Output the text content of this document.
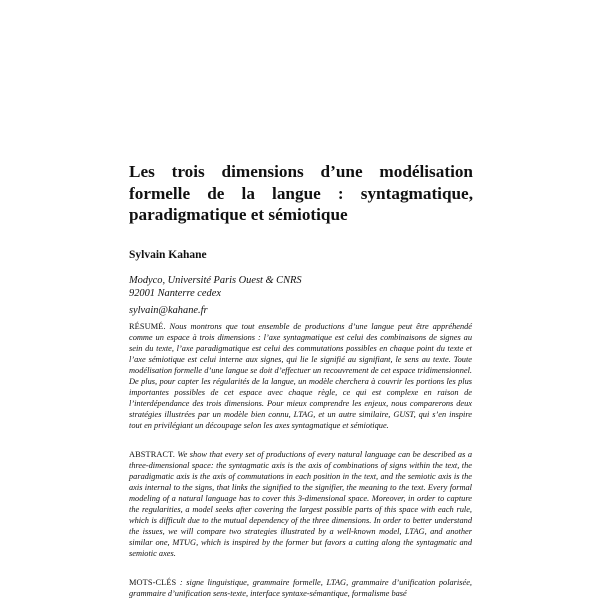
Les trois dimensions d’une modélisation formelle de la langue : syntagmatique, paradigmatique et sémiotique

Sylvain Kahane

Modyco, Université Paris Ouest & CNRS
92001 Nanterre cedex
sylvain@kahane.fr

RÉSUMÉ. Nous montrons que tout ensemble de productions d’une langue peut être appréhendé comme un espace à trois dimensions : l’axe syntagmatique est celui des combinaisons de signes au sein du texte, l’axe paradigmatique est celui des commutations possibles en chaque point du texte et l’axe sémiotique est celui interne aux signes, qui lie le signifié au signifiant, le sens au texte. Toute modélisation formelle d’une langue se doit d’effectuer un recouvrement de cet espace tridimensionnel. De plus, pour capter les régularités de la langue, un modèle cherchera à couvrir les portions les plus importantes possibles de cet espace avec chaque règle, ce qui est complexe en raison de l’interdépendance des trois dimensions. Pour mieux comprendre les enjeux, nous comparerons deux stratégies illustrées par un modèle bien connu, LTAG, et un autre similaire, GUST, qui s’en inspire tout en privilégiant un découpage selon les axes syntagmatique et sémiotique.

ABSTRACT. We show that every set of productions of every natural language can be described as a three-dimensional space: the syntagmatic axis is the axis of combinations of signs within the text, the paradigmatic axis is the axis of commutations in each position in the text, and the semiotic axis is the axis internal to the signs, that links the signified to the signifier, the meaning to the text. Every formal modeling of a natural language has to cover this 3-dimensional space. Moreover, in order to capture the regularities, a model seeks after covering the largest possible parts of this space with each rule, which is difficult due to the mutual dependency of the three dimensions. In order to better understand the issues, we will compare two strategies illustrated by a well-known model, LTAG, and another similar one, MTUG, which is inspired by the former but favors a cutting along the syntagmatic and semiotic axes.

MOTS-CLÉS : signe linguistique, grammaire formelle, LTAG, grammaire d’unification polarisée, grammaire d’unification sens-texte, interface syntaxe-sémantique, formalisme basé
